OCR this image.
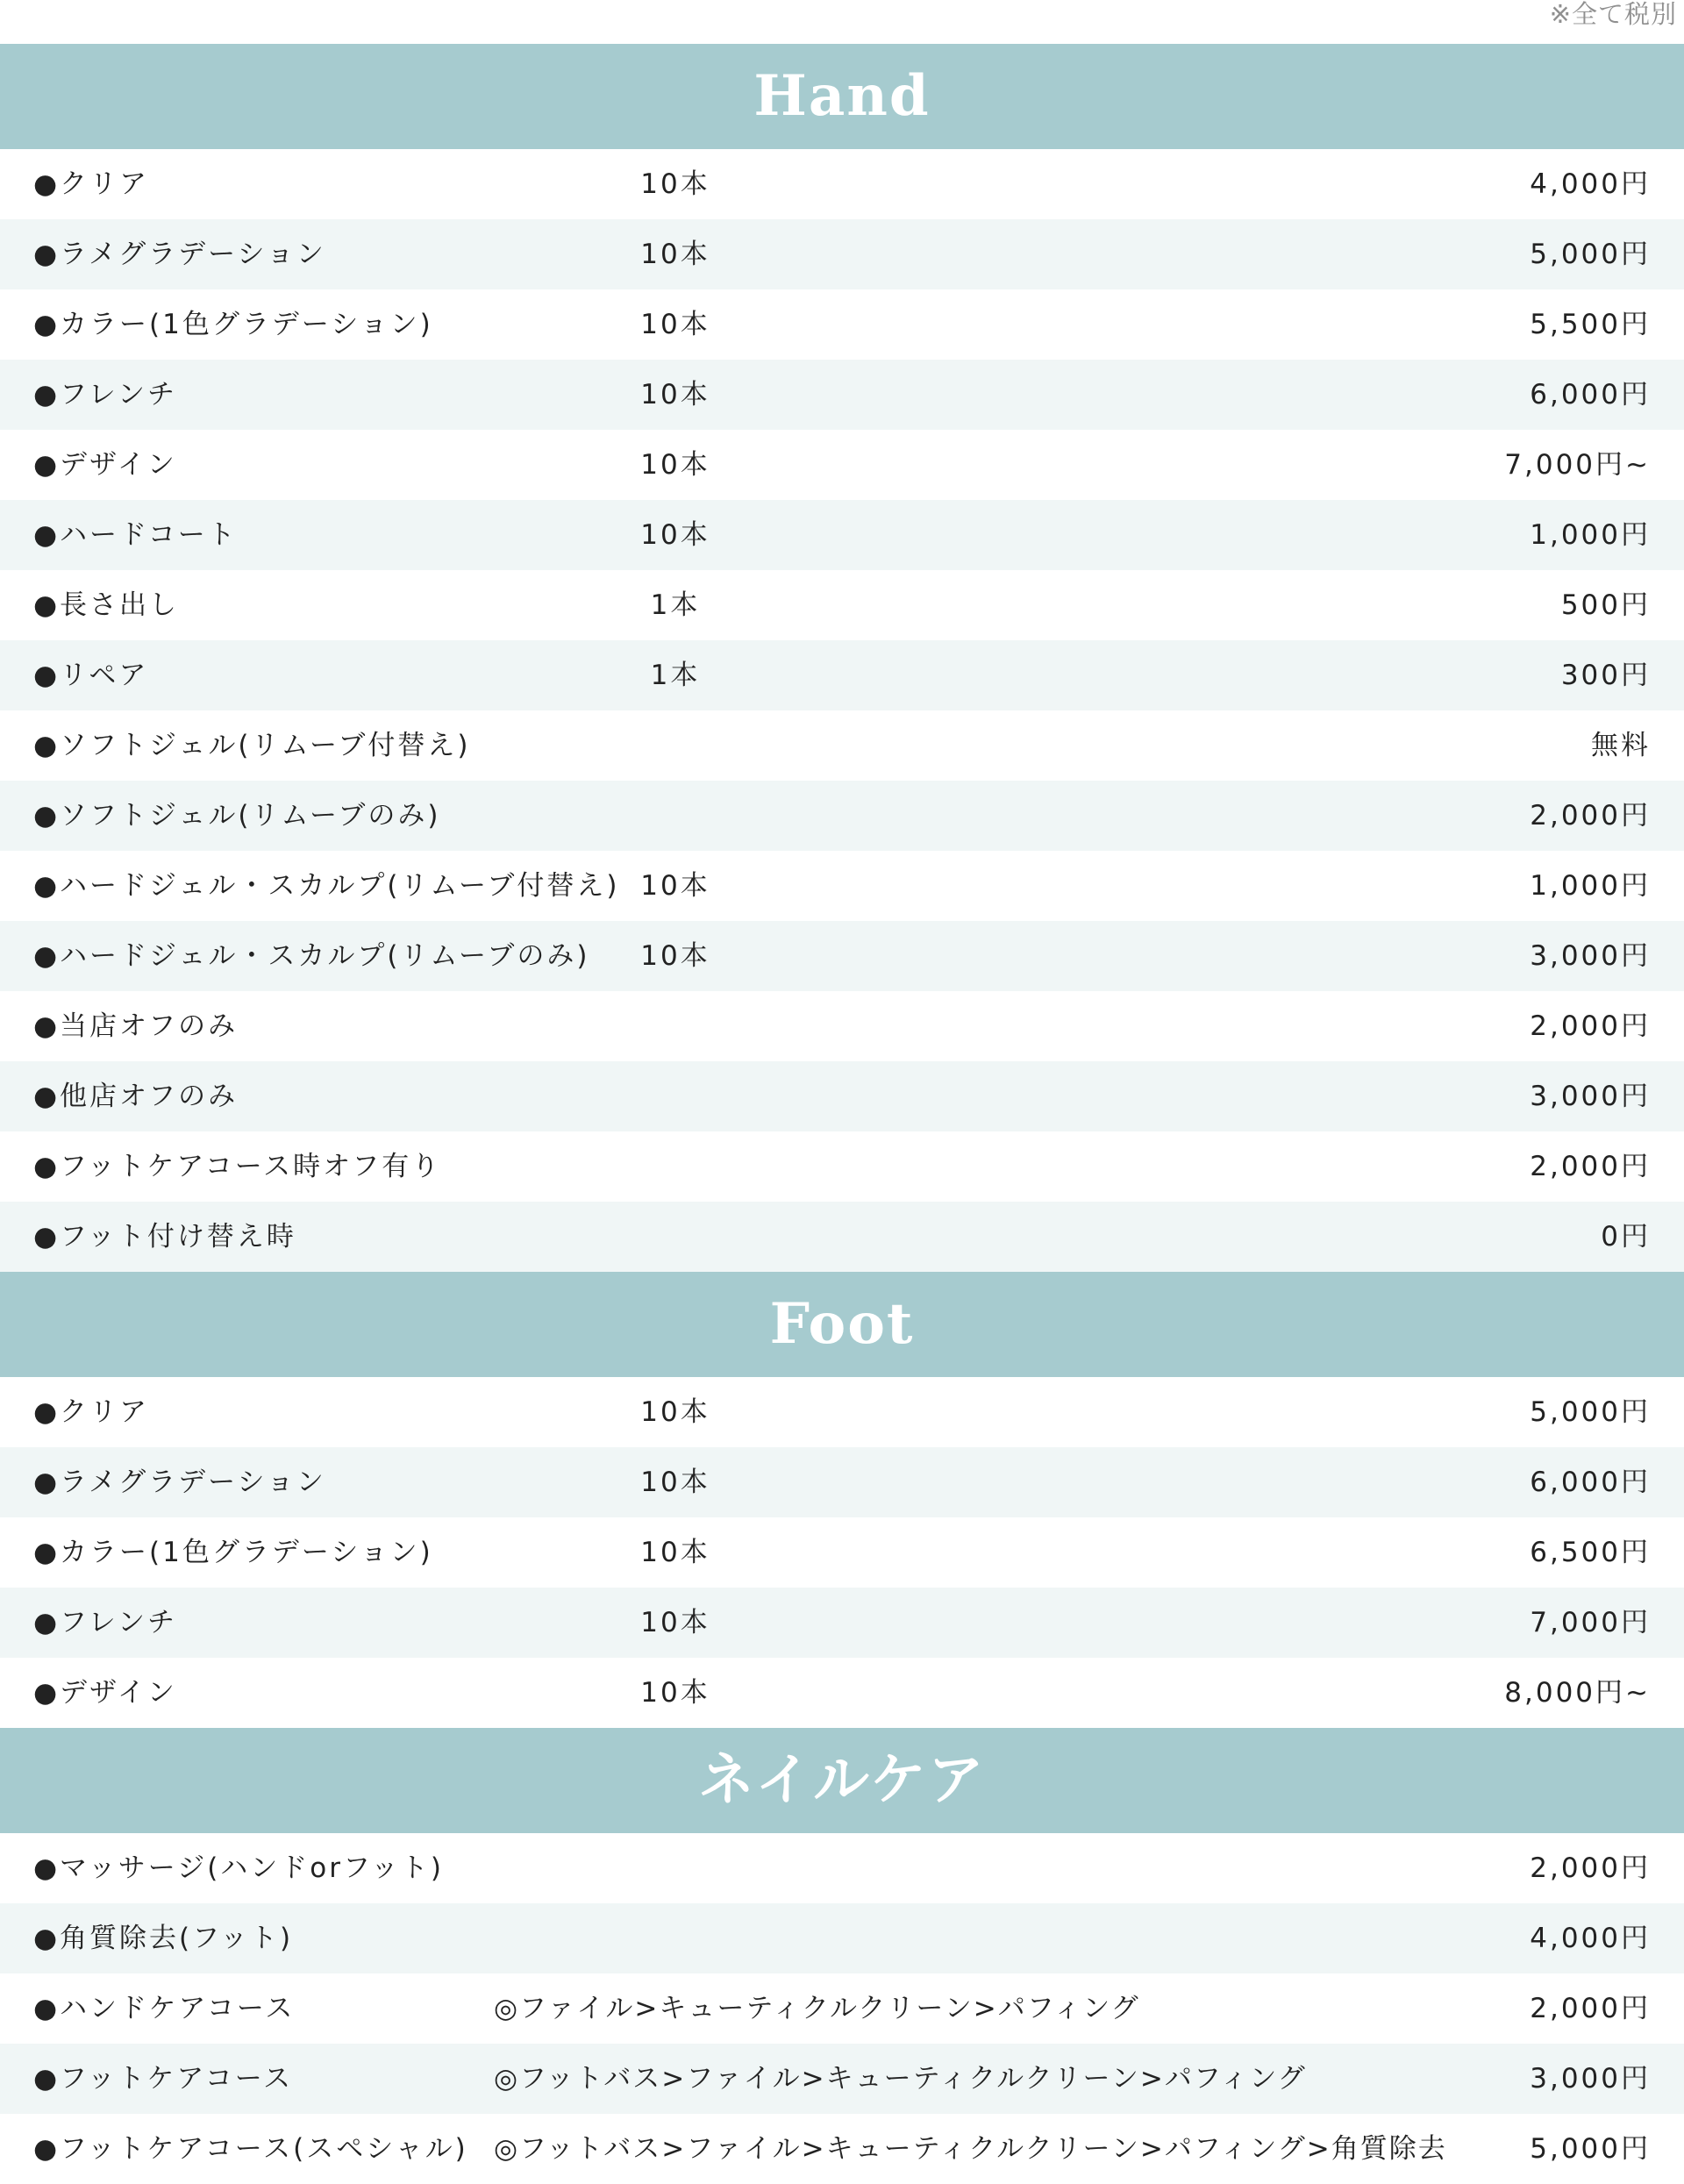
※全て税別
Hand
●クリア	10本	4,000円
●ラメグラデーション	10本	5,000円
●カラー(1色グラデーション)	10本	5,500円
●フレンチ	10本	6,000円
●デザイン	10本	7,000円~
●ハードコート	10本	1,000円
●長さ出し	1本	500円
●リペア	1本	300円
●ソフトジェル(リムーブ付替え)	無料
●ソフトジェル(リムーブのみ)	2,000円
●ハードジェル・スカルプ(リムーブ付替え) 10本	1,000円
●ハードジェル・スカルプ(リムーブのみ)	10本	3,000円
●当店オフのみ	2,000円
●他店オフのみ	3,000円
●フットケアコース時オフ有り	2,000円
●フット付け替え時	0円
Foot
●クリア	10本	5,000円
●ラメグラデーション	10本	6,000円
●カラー(1色グラデーション)	10本	6,500円
●フレンチ	10本	7,000円
●デザイン	10本	8,000円~
ネイルケア
●マッサージ(ハンドorフット)	2,000円
●角質除去(フット)	4,000円
●ハンドケアコース	◎ファイル>キューティクルクリーン>パフィング	2,000円
●フットケアコース	◎フットバス>ファイル>キューティクルクリーン>パフィング	3,000円
●フットケアコース(スペシャル) ◎フットバス>ファイル>キューティクルクリーン>パフィング>角質除去	5,000円
